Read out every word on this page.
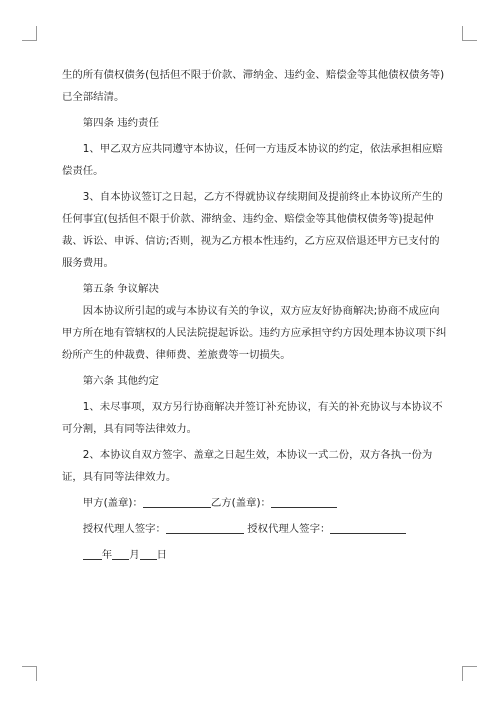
生的所有债权债务(包括但不限于价款、滞纳金、违约金、赔偿金等其他债权债务等)已全部结清。

第四条 违约责任

1、甲乙双方应共同遵守本协议，任何一方违反本协议的约定，依法承担相应赔偿责任。

3、自本协议签订之日起，乙方不得就协议存续期间及提前终止本协议所产生的任何事宜(包括但不限于价款、滞纳金、违约金、赔偿金等其他债权债务等)提起仲裁、诉讼、申诉、信访;否则，视为乙方根本性违约，乙方应双倍退还甲方已支付的服务费用。

第五条 争议解决

因本协议所引起的或与本协议有关的争议，双方应友好协商解决;协商不成应向甲方所在地有管辖权的人民法院提起诉讼。违约方应承担守约方因处理本协议项下纠纷所产生的仲裁费、律师费、差旅费等一切损失。

第六条 其他约定

1、未尽事项，双方另行协商解决并签订补充协议，有关的补充协议与本协议不可分割，具有同等法律效力。

2、本协议自双方签字、盖章之日起生效，本协议一式二份，双方各执一份为证，具有同等法律效力。

甲方(盖章)：	乙方(盖章)：

授权代理人签字：	授权代理人签字：

年 月 日
